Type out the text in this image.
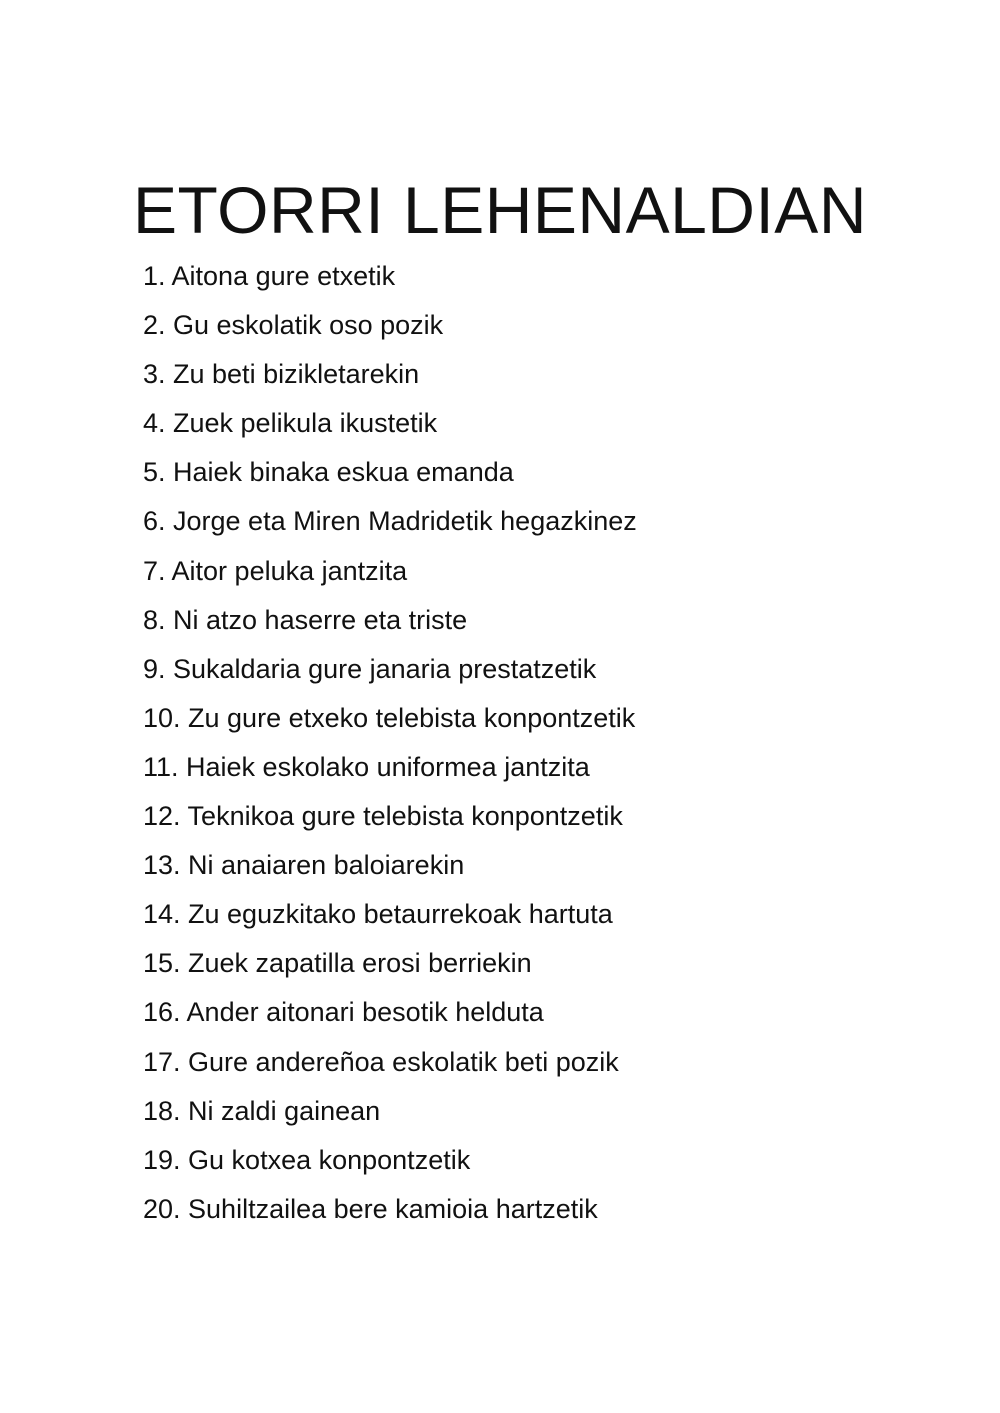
ETORRI LEHENALDIAN
1. Aitona gure etxetik
2. Gu eskolatik oso pozik
3. Zu beti bizikletarekin
4. Zuek pelikula ikustetik
5. Haiek binaka eskua emanda
6. Jorge eta Miren Madridetik hegazkinez
7. Aitor peluka jantzita
8. Ni atzo haserre eta triste
9. Sukaldaria gure janaria prestatzetik
10. Zu gure etxeko telebista konpontzetik
11. Haiek eskolako uniformea jantzita
12. Teknikoa gure telebista konpontzetik
13. Ni anaiaren baloiarekin
14. Zu eguzkitako betaurrekoak hartuta
15. Zuek zapatilla erosi berriekin
16. Ander aitonari besotik helduta
17. Gure andereñoa eskolatik beti pozik
18. Ni zaldi gainean
19. Gu kotxea konpontzetik
20. Suhiltzailea bere kamioia hartzetik
